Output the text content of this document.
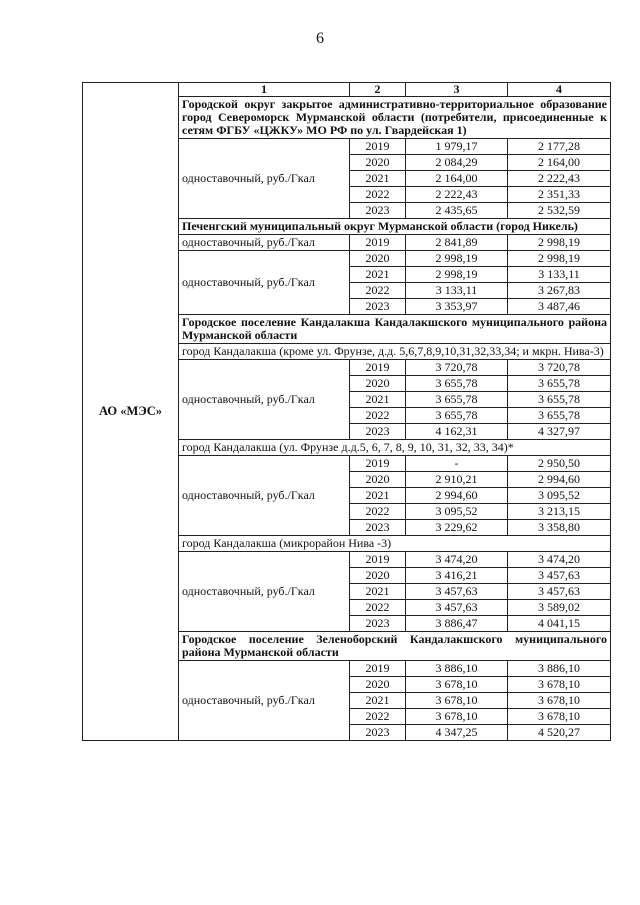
6
АО «МЭС»	1	2	3	4
	Городской округ закрытое административно-территориальное образование город Североморск Мурманской области (потребители, присоединенные к сетям ФГБУ «ЦЖКУ» МО РФ по ул. Гвардейская 1)			
	одноставочный, руб./Гкал	2019	1 979,17	2 177,28
		2020	2 084,29	2 164,00
		2021	2 164,00	2 222,43
		2022	2 222,43	2 351,33
		2023	2 435,65	2 532,59
	Печенгский муниципальный округ Мурманской области (город Никель)			
	одноставочный, руб./Гкал	2019	2 841,89	2 998,19
	одноставочный, руб./Гкал	2020	2 998,19	2 998,19
		2021	2 998,19	3 133,11
		2022	3 133,11	3 267,83
		2023	3 353,97	3 487,46
	Городское поселение Кандалакша Кандалакшского муниципального района Мурманской области			
	город Кандалакша (кроме ул. Фрунзе, д.д. 5,6,7,8,9,10,31,32,33,34; и мкрн. Нива-3)			
	одноставочный, руб./Гкал	2019	3 720,78	3 720,78
		2020	3 655,78	3 655,78
		2021	3 655,78	3 655,78
		2022	3 655,78	3 655,78
		2023	4 162,31	4 327,97
	город Кандалакша (ул. Фрунзе д.д.5, 6, 7, 8, 9, 10, 31, 32, 33, 34)*			
	одноставочный, руб./Гкал	2019	-	2 950,50
		2020	2 910,21	2 994,60
		2021	2 994,60	3 095,52
		2022	3 095,52	3 213,15
		2023	3 229,62	3 358,80
	город Кандалакша (микрорайон Нива -3)			
	одноставочный, руб./Гкал	2019	3 474,20	3 474,20
		2020	3 416,21	3 457,63
		2021	3 457,63	3 457,63
		2022	3 457,63	3 589,02
		2023	3 886,47	4 041,15
	Городское поселение Зеленоборский Кандалакшского муниципального района Мурманской области			
	одноставочный, руб./Гкал	2019	3 886,10	3 886,10
		2020	3 678,10	3 678,10
		2021	3 678,10	3 678,10
		2022	3 678,10	3 678,10
		2023	4 347,25	4 520,27
